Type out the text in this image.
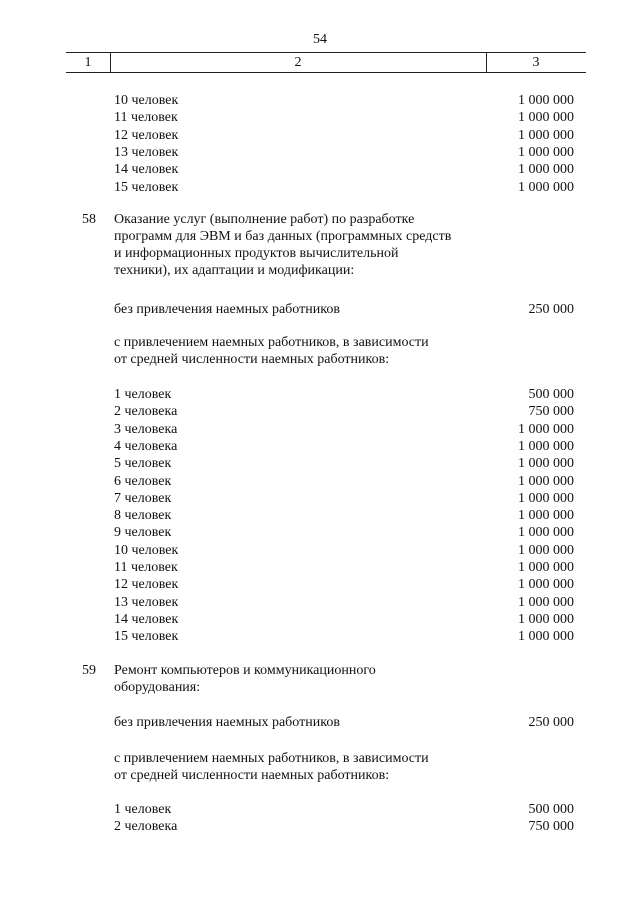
54
1	2	3
10 человек	1 000 000
11 человек	1 000 000
12 человек	1 000 000
13 человек	1 000 000
14 человек	1 000 000
15 человек	1 000 000
58 Оказание услуг (выполнение работ) по разработке
программ для ЭВМ и баз данных (программных средств
и информационных продуктов вычислительной
техники), их адаптации и модификации:
без привлечения наемных работников	250 000
с привлечением наемных работников, в зависимости
от средней численности наемных работников:
1 человек	500 000
2 человека	750 000
3 человека	1 000 000
4 человека	1 000 000
5 человек	1 000 000
6 человек	1 000 000
7 человек	1 000 000
8 человек	1 000 000
9 человек	1 000 000
10 человек	1 000 000
11 человек	1 000 000
12 человек	1 000 000
13 человек	1 000 000
14 человек	1 000 000
15 человек	1 000 000
59 Ремонт компьютеров и коммуникационного
оборудования:
без привлечения наемных работников	250 000
с привлечением наемных работников, в зависимости
от средней численности наемных работников:
1 человек	500 000
2 человека	750 000
